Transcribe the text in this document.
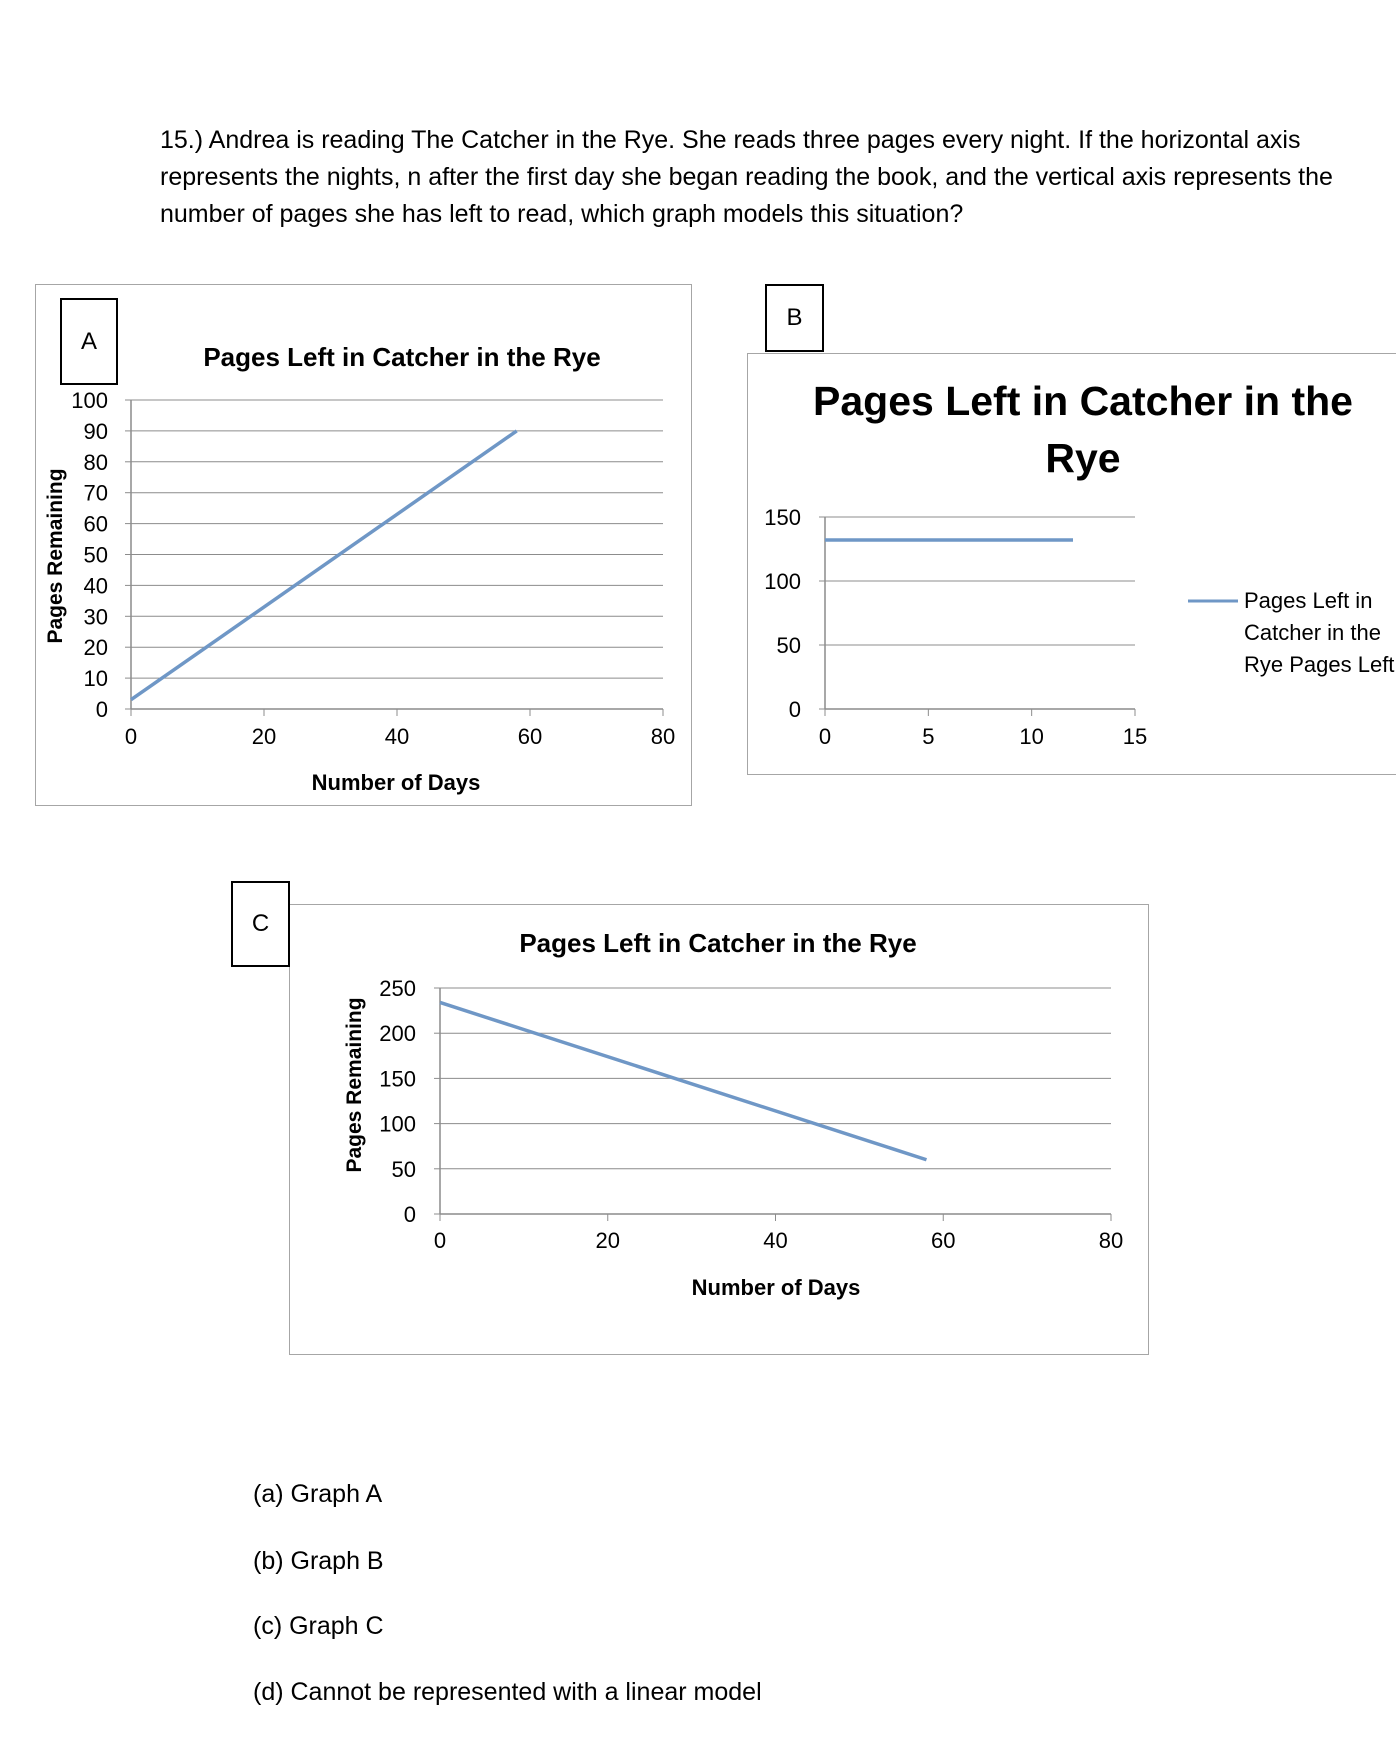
15.) Andrea is reading The Catcher in the Rye. She reads three pages every night. If the horizontal axis represents the nights, n after the first day she began reading the book, and the vertical axis represents the number of pages she has left to read, which graph models this situation?

A
B
C
Pages Left in Catcher in the Rye
Number of Days
Pages Remaining
0
10
20
30
40
50
60
70
80
90
100
0	20	40	60	80
Pages Left in Catcher in the
Rye
Pages Left in
Catcher in the
Rye Pages Left
0
50
100
150
0	5	10	15
Pages Left in Catcher in the Rye
Number of Days
Pages Remaining
0
50
100
150
200
250
0	20	40	60	80

(a) Graph A

(b) Graph B

(c) Graph C

(d) Cannot be represented with a linear model
